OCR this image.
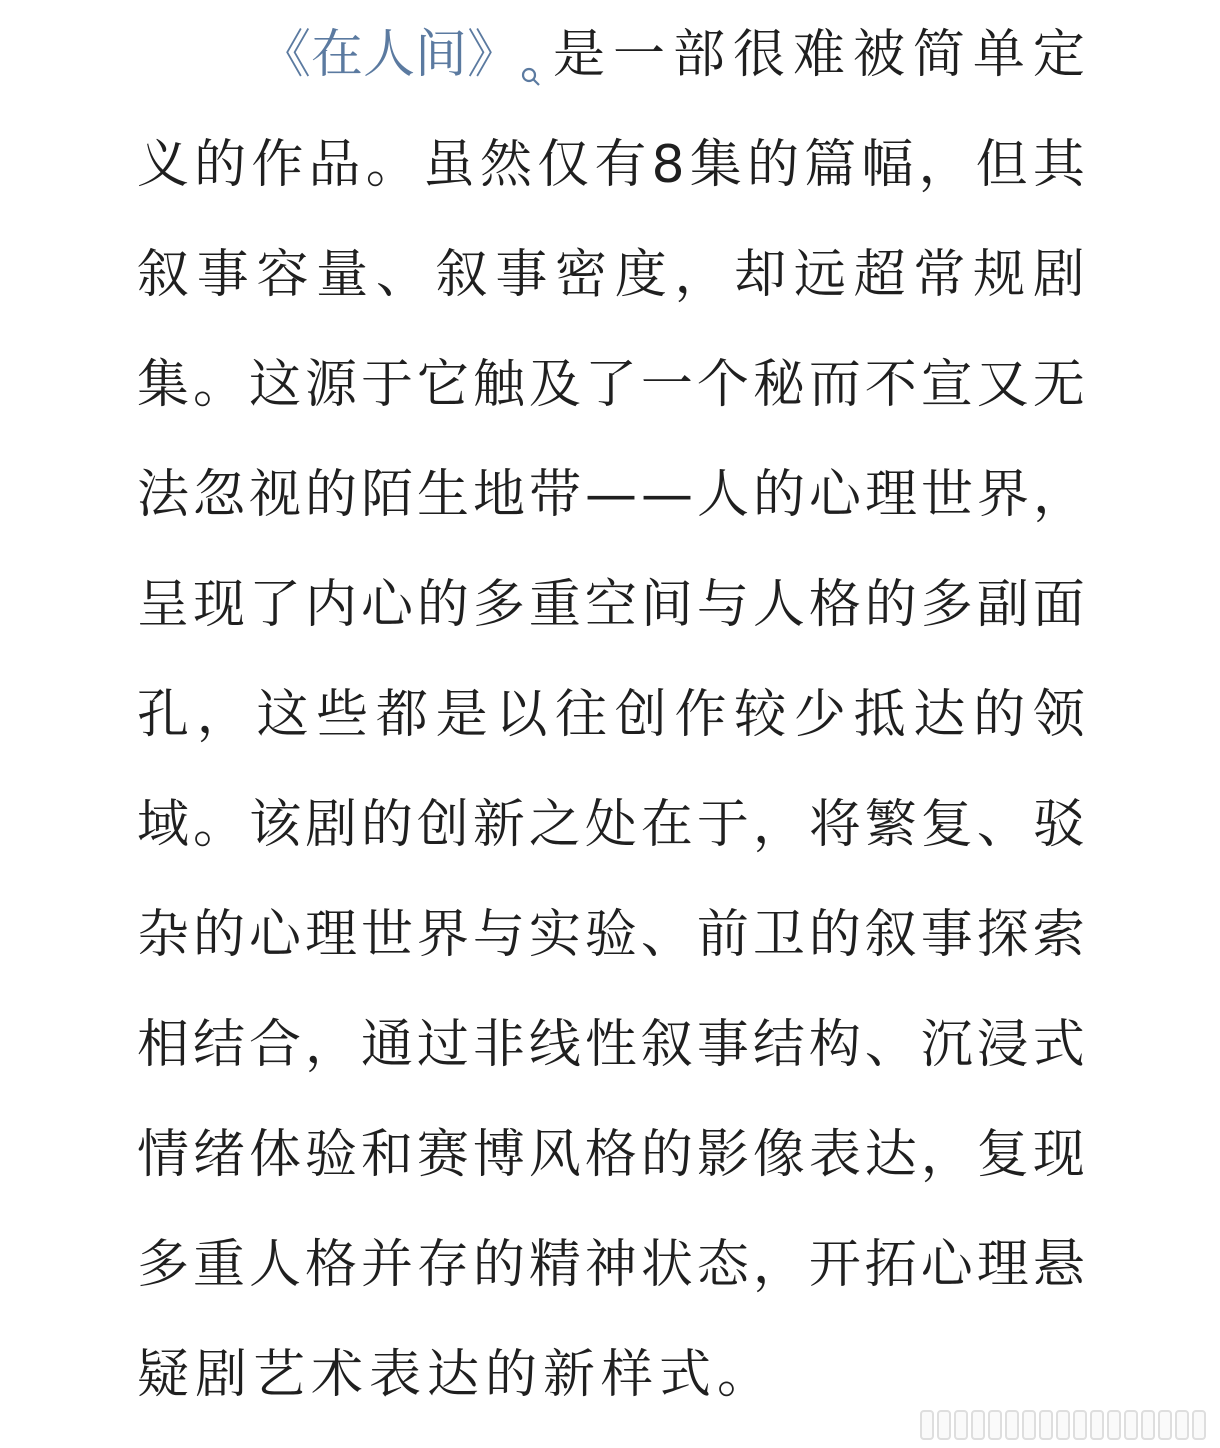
《在人间》 是 一 部 很 难 被 简 单 定
义 的 作 品 。 虽 然 仅 有 8 集 的 篇 幅 ， 但 其
叙 事 容 量 、 叙 事 密 度 ， 却 远 超 常 规 剧
集 。 这 源 于 它 触 及 了 一 个 秘 而 不 宣 又 无
法 忽 视 的 陌 生 地 带 — — 人 的 心 理 世 界 ，
呈 现 了 内 心 的 多 重 空 间 与 人 格 的 多 副 面
孔 ， 这 些 都 是 以 往 创 作 较 少 抵 达 的 领
域 。 该 剧 的 创 新 之 处 在 于 ， 将 繁 复 、 驳
杂 的 心 理 世 界 与 实 验 、 前 卫 的 叙 事 探 索
相 结 合 ， 通 过 非 线 性 叙 事 结 构 、 沉 浸 式
情 绪 体 验 和 赛 博 风 格 的 影 像 表 达 ， 复 现
多 重 人 格 并 存 的 精 神 状 态 ， 开 拓 心 理 悬
疑剧艺术表达的新样式。
